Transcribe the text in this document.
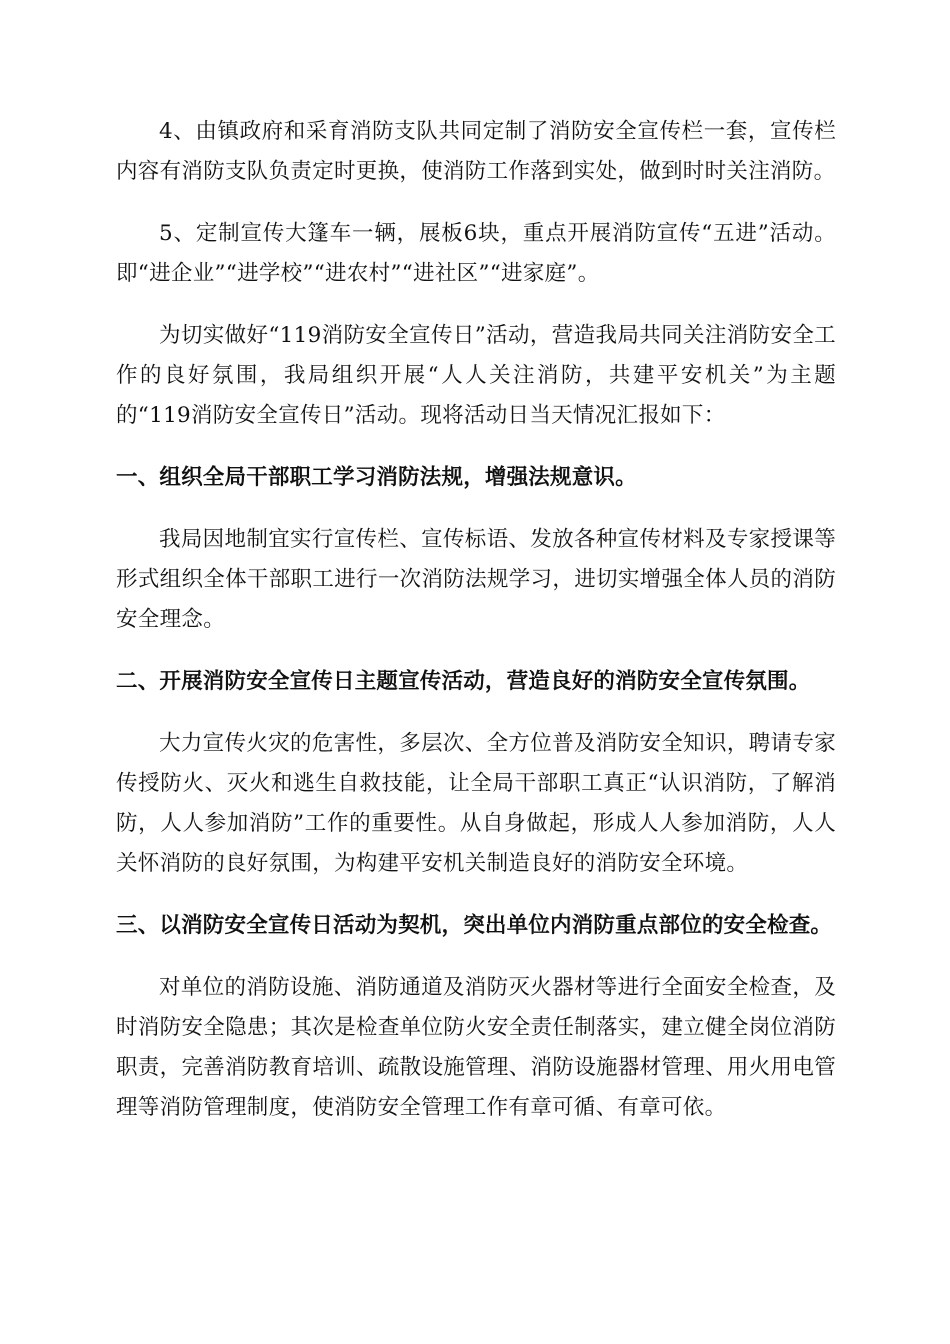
4、由镇政府和采育消防支队共同定制了消防安全宣传栏一套，宣传栏内容有消防支队负责定时更换，使消防工作落到实处，做到时时关注消防。

5、定制宣传大篷车一辆，展板6块，重点开展消防宣传“五进”活动。即“进企业”“进学校”“进农村”“进社区”“进家庭”。

为切实做好“119消防安全宣传日”活动，营造我局共同关注消防安全工作的良好氛围，我局组织开展“人人关注消防，共建平安机关”为主题的“119消防安全宣传日”活动。现将活动日当天情况汇报如下：

一、组织全局干部职工学习消防法规，增强法规意识。

我局因地制宜实行宣传栏、宣传标语、发放各种宣传材料及专家授课等形式组织全体干部职工进行一次消防法规学习，进切实增强全体人员的消防安全理念。

二、开展消防安全宣传日主题宣传活动，营造良好的消防安全宣传氛围。

大力宣传火灾的危害性，多层次、全方位普及消防安全知识，聘请专家传授防火、灭火和逃生自救技能，让全局干部职工真正“认识消防，了解消防，人人参加消防”工作的重要性。从自身做起，形成人人参加消防，人人关怀消防的良好氛围，为构建平安机关制造良好的消防安全环境。

三、以消防安全宣传日活动为契机，突出单位内消防重点部位的安全检查。

对单位的消防设施、消防通道及消防灭火器材等进行全面安全检查，及时消防安全隐患；其次是检查单位防火安全责任制落实，建立健全岗位消防职责，完善消防教育培训、疏散设施管理、消防设施器材管理、用火用电管理等消防管理制度，使消防安全管理工作有章可循、有章可依。
